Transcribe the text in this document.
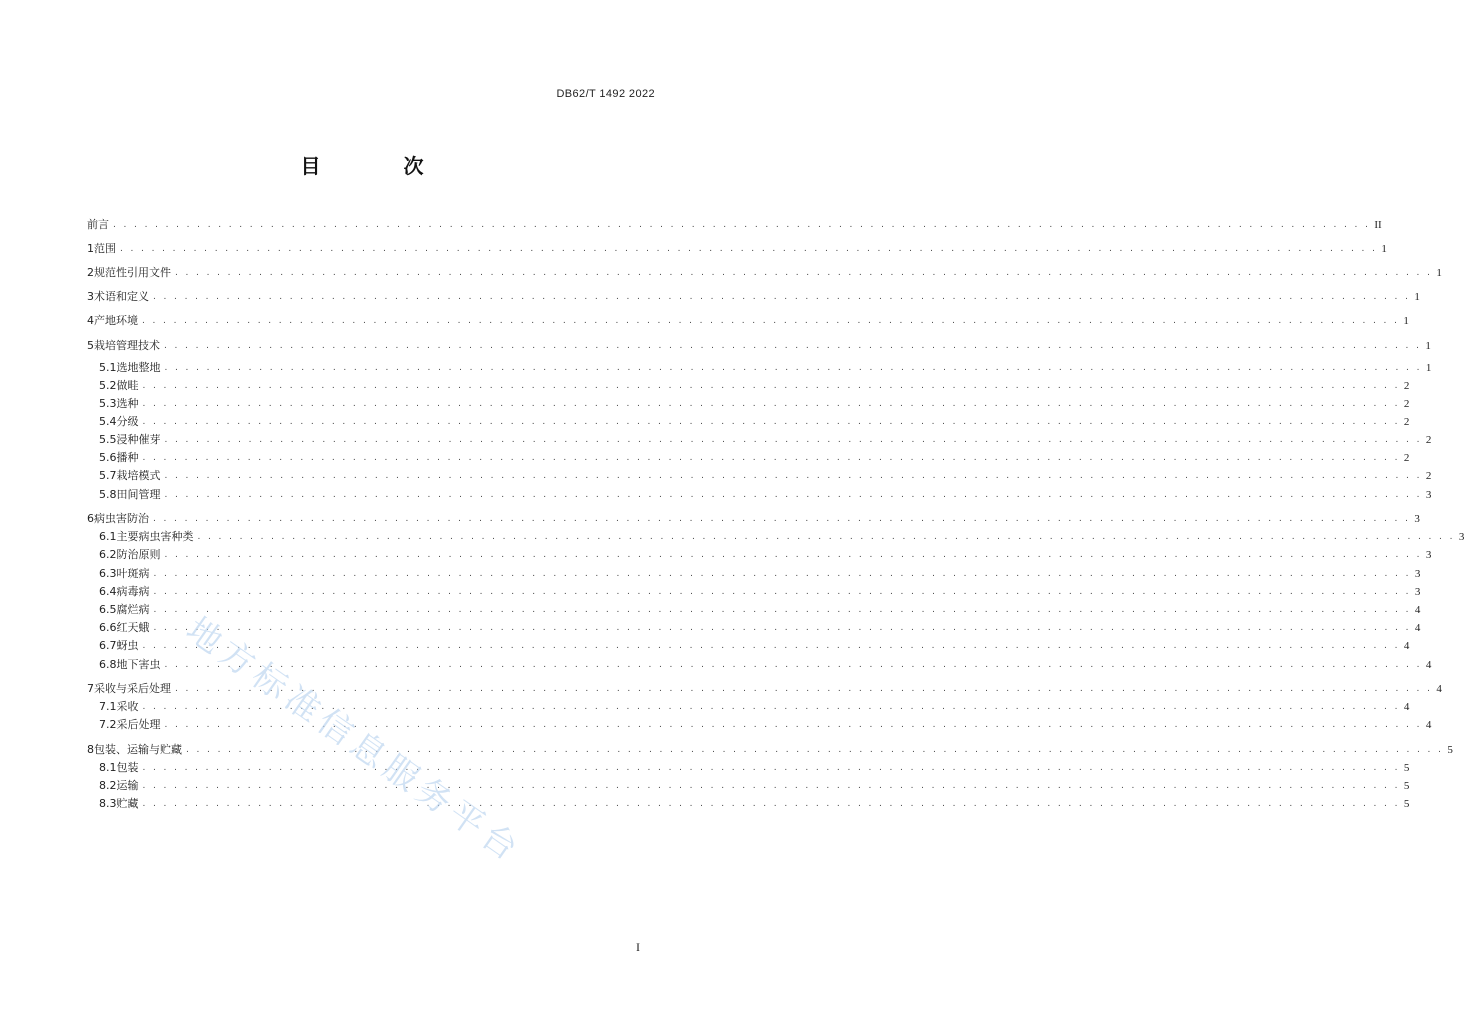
DB62/T 1492 2022
目 次
前言 . . . . . . . . . . . . . . . . . . . . . . . . . . . . . . . . . . . . . . . . . . . . . . . . . . . . . . . . . . . . . . . . . . . . . . . . . . . . . . . . . . . . . . . . . . . . . . . . . . . . . . . . . . . . . . . . . . . . . . . . II
1 范围 . . . . . . . . . . . . . . . . . . . . . . . . . . . . . . . . . . . . . . . . . . . . . . . . . . . . . . . . . . . . . . . . . . . . . . . . . . . . . . . . . . . . . . . . . . . . . . . . . . . . . . . . . . . . . . . . . . . . . . . . 1
2 规范性引用文件 . . . . . . . . . . . . . . . . . . . . . . . . . . . . . . . . . . . . . . . . . . . . . . . . . . . . . . . . . . . . . . . . . . . . . . . . . . . . . . . . . . . . . . . . . . . . . . . . . . . . . . . . . . . . . . . . . . . . . . . . 1
3 术语和定义 . . . . . . . . . . . . . . . . . . . . . . . . . . . . . . . . . . . . . . . . . . . . . . . . . . . . . . . . . . . . . . . . . . . . . . . . . . . . . . . . . . . . . . . . . . . . . . . . . . . . . . . . . . . . . . . . . . . . . . . . 1
4 产地环境 . . . . . . . . . . . . . . . . . . . . . . . . . . . . . . . . . . . . . . . . . . . . . . . . . . . . . . . . . . . . . . . . . . . . . . . . . . . . . . . . . . . . . . . . . . . . . . . . . . . . . . . . . . . . . . . . . . . . . . . . 1
5 栽培管理技术 . . . . . . . . . . . . . . . . . . . . . . . . . . . . . . . . . . . . . . . . . . . . . . . . . . . . . . . . . . . . . . . . . . . . . . . . . . . . . . . . . . . . . . . . . . . . . . . . . . . . . . . . . . . . . . . . . . . . . . . . 1
5.1 选地整地 . . . . . . . . . . . . . . . . . . . . . . . . . . . . . . . . . . . . . . . . . . . . . . . . . . . . . . . . . . . . . . . . . . . . . . . . . . . . . . . . . . . . . . . . . . . . . . . . . . . . . . . . . . . . . . . . . . . . . . . . 1
5.2 做畦 . . . . . . . . . . . . . . . . . . . . . . . . . . . . . . . . . . . . . . . . . . . . . . . . . . . . . . . . . . . . . . . . . . . . . . . . . . . . . . . . . . . . . . . . . . . . . . . . . . . . . . . . . . . . . . . . . . . . . . . . 2
5.3 选种 . . . . . . . . . . . . . . . . . . . . . . . . . . . . . . . . . . . . . . . . . . . . . . . . . . . . . . . . . . . . . . . . . . . . . . . . . . . . . . . . . . . . . . . . . . . . . . . . . . . . . . . . . . . . . . . . . . . . . . . . 2
5.4 分级 . . . . . . . . . . . . . . . . . . . . . . . . . . . . . . . . . . . . . . . . . . . . . . . . . . . . . . . . . . . . . . . . . . . . . . . . . . . . . . . . . . . . . . . . . . . . . . . . . . . . . . . . . . . . . . . . . . . . . . . . 2
5.5 浸种催芽 . . . . . . . . . . . . . . . . . . . . . . . . . . . . . . . . . . . . . . . . . . . . . . . . . . . . . . . . . . . . . . . . . . . . . . . . . . . . . . . . . . . . . . . . . . . . . . . . . . . . . . . . . . . . . . . . . . . . . . . . 2
5.6 播种 . . . . . . . . . . . . . . . . . . . . . . . . . . . . . . . . . . . . . . . . . . . . . . . . . . . . . . . . . . . . . . . . . . . . . . . . . . . . . . . . . . . . . . . . . . . . . . . . . . . . . . . . . . . . . . . . . . . . . . . . 2
5.7 栽培模式 . . . . . . . . . . . . . . . . . . . . . . . . . . . . . . . . . . . . . . . . . . . . . . . . . . . . . . . . . . . . . . . . . . . . . . . . . . . . . . . . . . . . . . . . . . . . . . . . . . . . . . . . . . . . . . . . . . . . . . . . 2
5.8 田间管理 . . . . . . . . . . . . . . . . . . . . . . . . . . . . . . . . . . . . . . . . . . . . . . . . . . . . . . . . . . . . . . . . . . . . . . . . . . . . . . . . . . . . . . . . . . . . . . . . . . . . . . . . . . . . . . . . . . . . . . . . 3
6 病虫害防治 . . . . . . . . . . . . . . . . . . . . . . . . . . . . . . . . . . . . . . . . . . . . . . . . . . . . . . . . . . . . . . . . . . . . . . . . . . . . . . . . . . . . . . . . . . . . . . . . . . . . . . . . . . . . . . . . . . . . . . . . 3
6.1 主要病虫害种类 . . . . . . . . . . . . . . . . . . . . . . . . . . . . . . . . . . . . . . . . . . . . . . . . . . . . . . . . . . . . . . . . . . . . . . . . . . . . . . . . . . . . . . . . . . . . . . . . . . . . . . . . . . . . . . . . . . . . . . . . 3
6.2 防治原则 . . . . . . . . . . . . . . . . . . . . . . . . . . . . . . . . . . . . . . . . . . . . . . . . . . . . . . . . . . . . . . . . . . . . . . . . . . . . . . . . . . . . . . . . . . . . . . . . . . . . . . . . . . . . . . . . . . . . . . . . 3
6.3 叶斑病 . . . . . . . . . . . . . . . . . . . . . . . . . . . . . . . . . . . . . . . . . . . . . . . . . . . . . . . . . . . . . . . . . . . . . . . . . . . . . . . . . . . . . . . . . . . . . . . . . . . . . . . . . . . . . . . . . . . . . . . . 3
6.4 病毒病 . . . . . . . . . . . . . . . . . . . . . . . . . . . . . . . . . . . . . . . . . . . . . . . . . . . . . . . . . . . . . . . . . . . . . . . . . . . . . . . . . . . . . . . . . . . . . . . . . . . . . . . . . . . . . . . . . . . . . . . . 3
6.5 腐烂病 . . . . . . . . . . . . . . . . . . . . . . . . . . . . . . . . . . . . . . . . . . . . . . . . . . . . . . . . . . . . . . . . . . . . . . . . . . . . . . . . . . . . . . . . . . . . . . . . . . . . . . . . . . . . . . . . . . . . . . . . 4
6.6 红天蛾 . . . . . . . . . . . . . . . . . . . . . . . . . . . . . . . . . . . . . . . . . . . . . . . . . . . . . . . . . . . . . . . . . . . . . . . . . . . . . . . . . . . . . . . . . . . . . . . . . . . . . . . . . . . . . . . . . . . . . . . . 4
6.7 蚜虫 . . . . . . . . . . . . . . . . . . . . . . . . . . . . . . . . . . . . . . . . . . . . . . . . . . . . . . . . . . . . . . . . . . . . . . . . . . . . . . . . . . . . . . . . . . . . . . . . . . . . . . . . . . . . . . . . . . . . . . . . 4
6.8 地下害虫 . . . . . . . . . . . . . . . . . . . . . . . . . . . . . . . . . . . . . . . . . . . . . . . . . . . . . . . . . . . . . . . . . . . . . . . . . . . . . . . . . . . . . . . . . . . . . . . . . . . . . . . . . . . . . . . . . . . . . . . . 4
7 采收与采后处理 . . . . . . . . . . . . . . . . . . . . . . . . . . . . . . . . . . . . . . . . . . . . . . . . . . . . . . . . . . . . . . . . . . . . . . . . . . . . . . . . . . . . . . . . . . . . . . . . . . . . . . . . . . . . . . . . . . . . . . . . 4
7.1 采收 . . . . . . . . . . . . . . . . . . . . . . . . . . . . . . . . . . . . . . . . . . . . . . . . . . . . . . . . . . . . . . . . . . . . . . . . . . . . . . . . . . . . . . . . . . . . . . . . . . . . . . . . . . . . . . . . . . . . . . . . 4
7.2 采后处理 . . . . . . . . . . . . . . . . . . . . . . . . . . . . . . . . . . . . . . . . . . . . . . . . . . . . . . . . . . . . . . . . . . . . . . . . . . . . . . . . . . . . . . . . . . . . . . . . . . . . . . . . . . . . . . . . . . . . . . . . 4
8 包装、运输与贮藏 . . . . . . . . . . . . . . . . . . . . . . . . . . . . . . . . . . . . . . . . . . . . . . . . . . . . . . . . . . . . . . . . . . . . . . . . . . . . . . . . . . . . . . . . . . . . . . . . . . . . . . . . . . . . . . . . . . . . . . . . 5
8.1 包装 . . . . . . . . . . . . . . . . . . . . . . . . . . . . . . . . . . . . . . . . . . . . . . . . . . . . . . . . . . . . . . . . . . . . . . . . . . . . . . . . . . . . . . . . . . . . . . . . . . . . . . . . . . . . . . . . . . . . . . . . 5
8.2 运输 . . . . . . . . . . . . . . . . . . . . . . . . . . . . . . . . . . . . . . . . . . . . . . . . . . . . . . . . . . . . . . . . . . . . . . . . . . . . . . . . . . . . . . . . . . . . . . . . . . . . . . . . . . . . . . . . . . . . . . . . 5
8.3 贮藏 . . . . . . . . . . . . . . . . . . . . . . . . . . . . . . . . . . . . . . . . . . . . . . . . . . . . . . . . . . . . . . . . . . . . . . . . . . . . . . . . . . . . . . . . . . . . . . . . . . . . . . . . . . . . . . . . . . . . . . . . 5
地方标准信息服务平台
I
